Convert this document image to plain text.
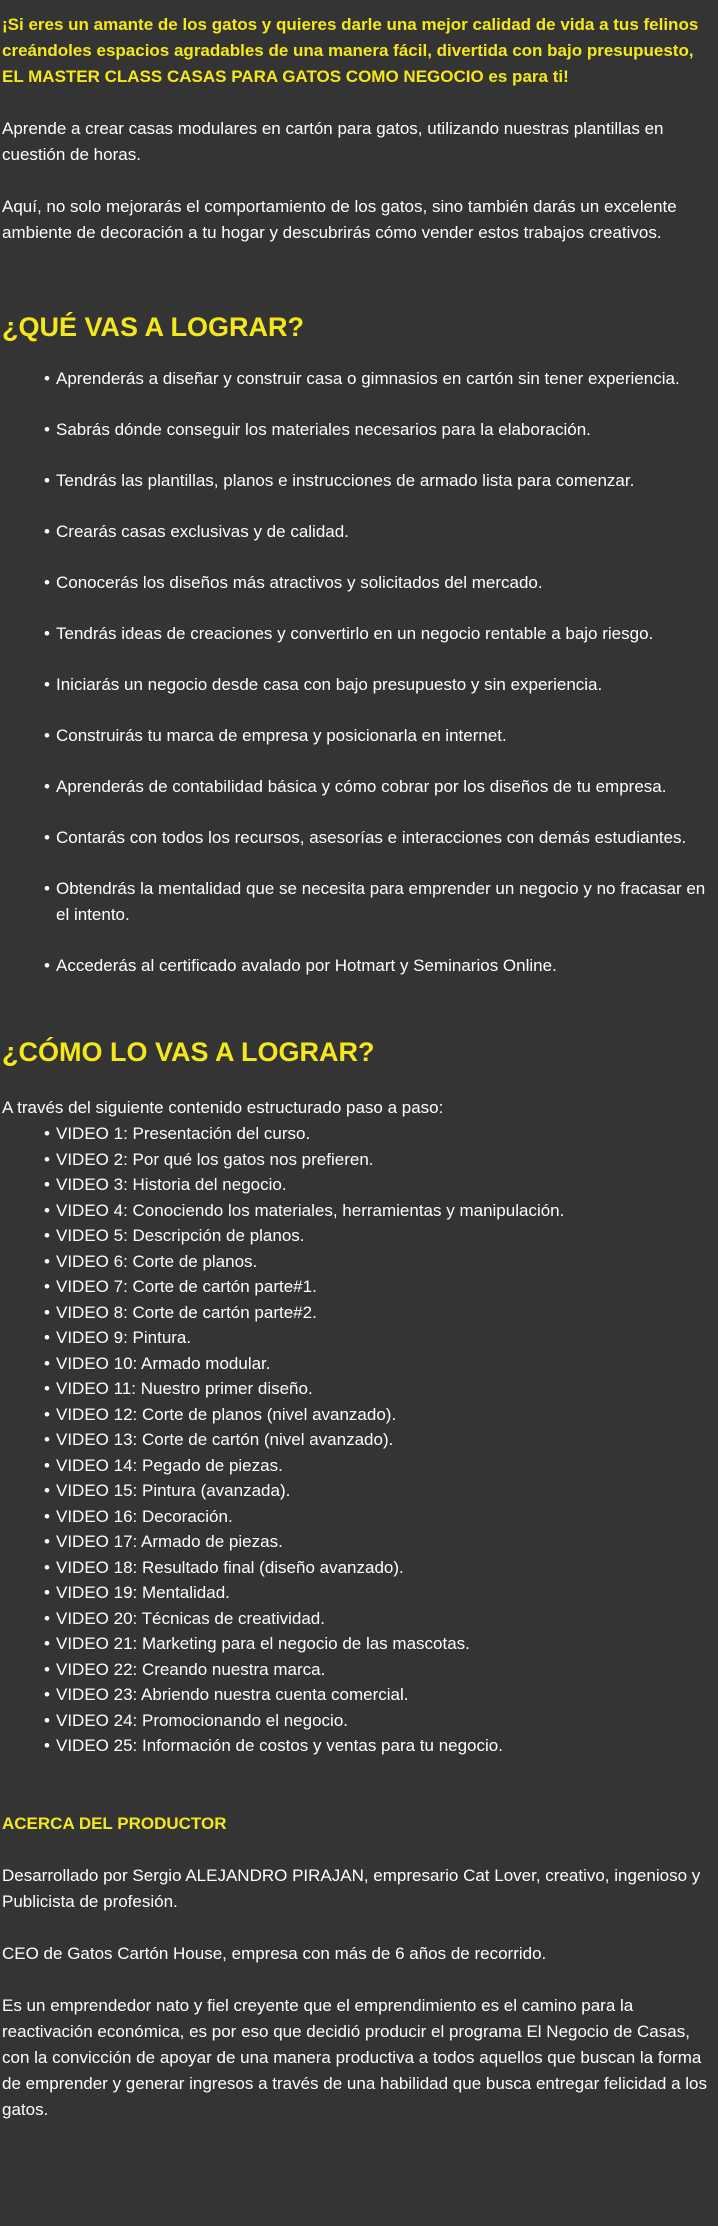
¡Si eres un amante de los gatos y quieres darle una mejor calidad de vida a tus felinos creándoles espacios agradables de una manera fácil, divertida con bajo presupuesto, EL MASTER CLASS CASAS PARA GATOS COMO NEGOCIO es para ti!

Aprende a crear casas modulares en cartón para gatos, utilizando nuestras plantillas en cuestión de horas.

Aquí, no solo mejorarás el comportamiento de los gatos, sino también darás un excelente ambiente de decoración a tu hogar y descubrirás cómo vender estos trabajos creativos.

¿QUÉ VAS A LOGRAR?
• Aprenderás a diseñar y construir casa o gimnasios en cartón sin tener experiencia.
• Sabrás dónde conseguir los materiales necesarios para la elaboración.
• Tendrás las plantillas, planos e instrucciones de armado lista para comenzar.
• Crearás casas exclusivas y de calidad.
• Conocerás los diseños más atractivos y solicitados del mercado.
• Tendrás ideas de creaciones y convertirlo en un negocio rentable a bajo riesgo.
• Iniciarás un negocio desde casa con bajo presupuesto y sin experiencia.
• Construirás tu marca de empresa y posicionarla en internet.
• Aprenderás de contabilidad básica y cómo cobrar por los diseños de tu empresa.
• Contarás con todos los recursos, asesorías e interacciones con demás estudiantes.
• Obtendrás la mentalidad que se necesita para emprender un negocio y no fracasar en el intento.
• Accederás al certificado avalado por Hotmart y Seminarios Online.
¿CÓMO LO VAS A LOGRAR?

A través del siguiente contenido estructurado paso a paso:

• VIDEO 1: Presentación del curso.
• VIDEO 2: Por qué los gatos nos prefieren.
• VIDEO 3: Historia del negocio.
• VIDEO 4: Conociendo los materiales, herramientas y manipulación.
• VIDEO 5: Descripción de planos.
• VIDEO 6: Corte de planos.
• VIDEO 7: Corte de cartón parte#1.
• VIDEO 8: Corte de cartón parte#2.
• VIDEO 9: Pintura.
• VIDEO 10: Armado modular.
• VIDEO 11: Nuestro primer diseño.
• VIDEO 12: Corte de planos (nivel avanzado).
• VIDEO 13: Corte de cartón (nivel avanzado).
• VIDEO 14: Pegado de piezas.
• VIDEO 15: Pintura (avanzada).
• VIDEO 16: Decoración.
• VIDEO 17: Armado de piezas.
• VIDEO 18: Resultado final (diseño avanzado).
• VIDEO 19: Mentalidad.
• VIDEO 20: Técnicas de creatividad.
• VIDEO 21: Marketing para el negocio de las mascotas.
• VIDEO 22: Creando nuestra marca.
• VIDEO 23: Abriendo nuestra cuenta comercial.
• VIDEO 24: Promocionando el negocio.
• VIDEO 25: Información de costos y ventas para tu negocio.

ACERCA DEL PRODUCTOR

Desarrollado por Sergio ALEJANDRO PIRAJAN, empresario Cat Lover, creativo, ingenioso y Publicista de profesión.

CEO de Gatos Cartón House, empresa con más de 6 años de recorrido.

Es un emprendedor nato y fiel creyente que el emprendimiento es el camino para la reactivación económica, es por eso que decidió producir el programa El Negocio de Casas, con la convicción de apoyar de una manera productiva a todos aquellos que buscan la forma de emprender y generar ingresos a través de una habilidad que busca entregar felicidad a los gatos.
